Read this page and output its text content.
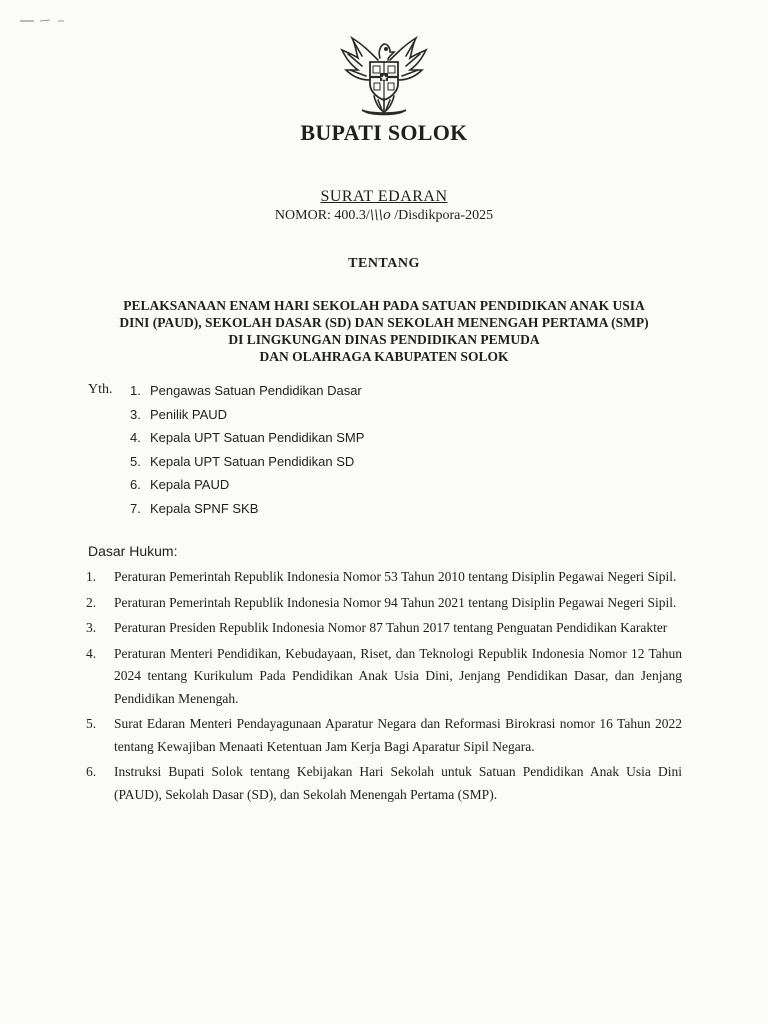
BUPATI SOLOK
SURAT EDARAN
NOMOR: 400.3/\\\o /Disdikpora-2025
TENTANG
PELAKSANAAN ENAM HARI SEKOLAH PADA SATUAN PENDIDIKAN ANAK USIA
DINI (PAUD), SEKOLAH DASAR (SD) DAN SEKOLAH MENENGAH PERTAMA (SMP)
DI LINGKUNGAN DINAS PENDIDIKAN PEMUDA
DAN OLAHRAGA KABUPATEN SOLOK
Yth. 1. Pengawas Satuan Pendidikan Dasar
3. Penilik PAUD
4. Kepala UPT Satuan Pendidikan SMP
5. Kepala UPT Satuan Pendidikan SD
6. Kepala PAUD
7. Kepala SPNF SKB
Dasar Hukum:
1. Peraturan Pemerintah Republik Indonesia Nomor 53 Tahun 2010 tentang Disiplin Pegawai Negeri Sipil.
2. Peraturan Pemerintah Republik Indonesia Nomor 94 Tahun 2021 tentang Disiplin Pegawai Negeri Sipil.
3. Peraturan Presiden Republik Indonesia Nomor 87 Tahun 2017 tentang Penguatan Pendidikan Karakter
4. Peraturan Menteri Pendidikan, Kebudayaan, Riset, dan Teknologi Republik Indonesia Nomor 12 Tahun 2024 tentang Kurikulum Pada Pendidikan Anak Usia Dini, Jenjang Pendidikan Dasar, dan Jenjang Pendidikan Menengah.
5. Surat Edaran Menteri Pendayagunaan Aparatur Negara dan Reformasi Birokrasi nomor 16 Tahun 2022 tentang Kewajiban Menaati Ketentuan Jam Kerja Bagi Aparatur Sipil Negara.
6. Instruksi Bupati Solok tentang Kebijakan Hari Sekolah untuk Satuan Pendidikan Anak Usia Dini (PAUD), Sekolah Dasar (SD), dan Sekolah Menengah Pertama (SMP).
